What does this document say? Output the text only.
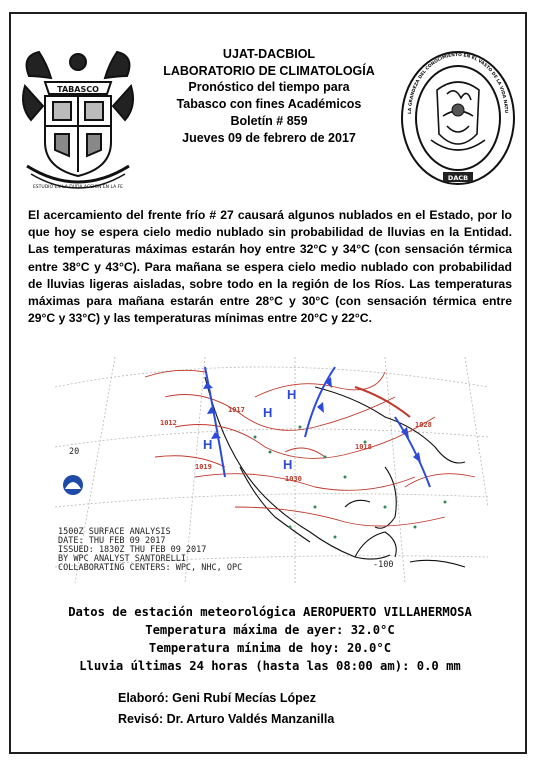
TABASCO
ESTUDIO EN LA DUDA ACCION EN LA FE
LA GRANDEZA DEL CONOCIMIENTO EN EL VASTO DE LA VIDA NATU
DACB
UJAT-DACBIOL
LABORATORIO DE CLIMATOLOGÍA
Pronóstico del tiempo para
Tabasco con fines Académicos
Boletín # 859
Jueves 09 de febrero de 2017

El acercamiento del frente frío # 27 causará algunos nublados en el Estado, por lo que hoy se espera cielo medio nublado sin probabilidad de lluvias en la Entidad. Las temperaturas máximas estarán hoy entre 32°C y 34°C (con sensación térmica entre 38°C y 43°C). Para mañana se espera cielo medio nublado con probabilidad de lluvias ligeras aisladas, sobre todo en la región de los Ríos. Las temperaturas máximas para mañana estarán entre 28°C y 30°C (con sensación térmica entre 29°C y 33°C) y las temperaturas mínimas entre 20°C y 22°C.

H
H
H
H
1017
1012
1019
1030
1018
1028
20
-100
1500Z SURFACE ANALYSIS
DATE: THU FEB 09 2017
ISSUED: 1830Z THU FEB 09 2017
BY WPC ANALYST SANTORELLI
COLLABORATING CENTERS: WPC, NHC, OPC
Datos de estación meteorológica AEROPUERTO VILLAHERMOSA
Temperatura máxima de ayer: 32.0°C
Temperatura mínima de hoy: 20.0°C
Lluvia últimas 24 horas (hasta las 08:00 am): 0.0 mm
Elaboró: Geni Rubí Mecías López
Revisó: Dr. Arturo Valdés Manzanilla
